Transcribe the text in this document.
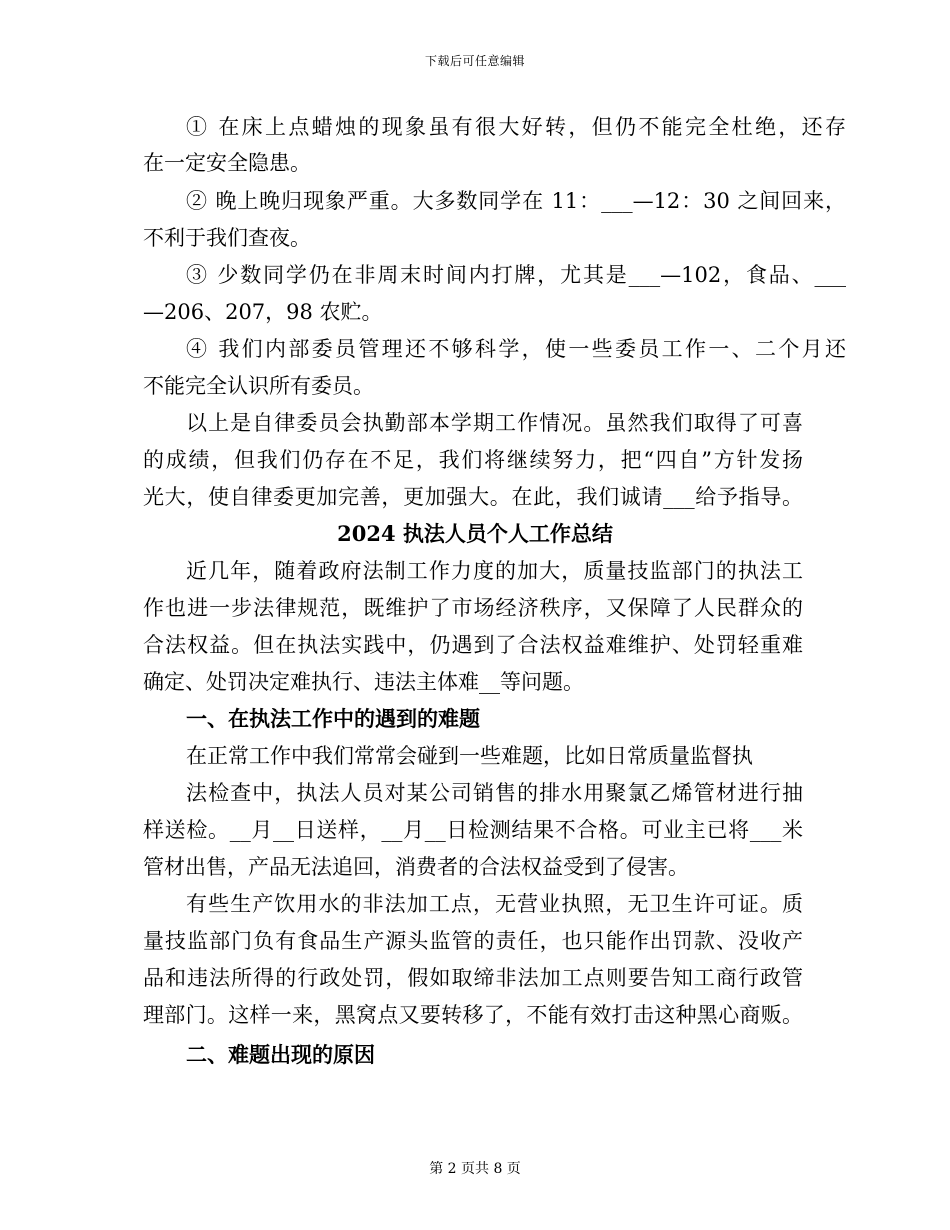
下载后可任意编辑
① 在床上点蜡烛的现象虽有很大好转，但仍不能完全杜绝，还存
在一定安全隐患。
② 晚上晚归现象严重。大多数同学在 11：___—12：30 之间回来，
不利于我们查夜。
③ 少数同学仍在非周末时间内打牌，尤其是___—102，食品、___
—206、207，98 农贮。
④ 我们内部委员管理还不够科学，使一些委员工作一、二个月还
不能完全认识所有委员。
以上是自律委员会执勤部本学期工作情况。虽然我们取得了可喜
的成绩，但我们仍存在不足，我们将继续努力，把“四自”方针发扬
光大，使自律委更加完善，更加强大。在此，我们诚请___给予指导。
2024 执法人员个人工作总结
近几年，随着政府法制工作力度的加大，质量技监部门的执法工
作也进一步法律规范，既维护了市场经济秩序，又保障了人民群众的
合法权益。但在执法实践中，仍遇到了合法权益难维护、处罚轻重难
确定、处罚决定难执行、违法主体难__等问题。
一、在执法工作中的遇到的难题
在正常工作中我们常常会碰到一些难题，比如日常质量监督执
法检查中，执法人员对某公司销售的排水用聚氯乙烯管材进行抽
样送检。__月__日送样，__月__日检测结果不合格。可业主已将___米
管材出售，产品无法追回，消费者的合法权益受到了侵害。
有些生产饮用水的非法加工点，无营业执照，无卫生许可证。质
量技监部门负有食品生产源头监管的责任，也只能作出罚款、没收产
品和违法所得的行政处罚，假如取缔非法加工点则要告知工商行政管
理部门。这样一来，黑窝点又要转移了，不能有效打击这种黑心商贩。
二、难题出现的原因
第 2 页共 8 页
